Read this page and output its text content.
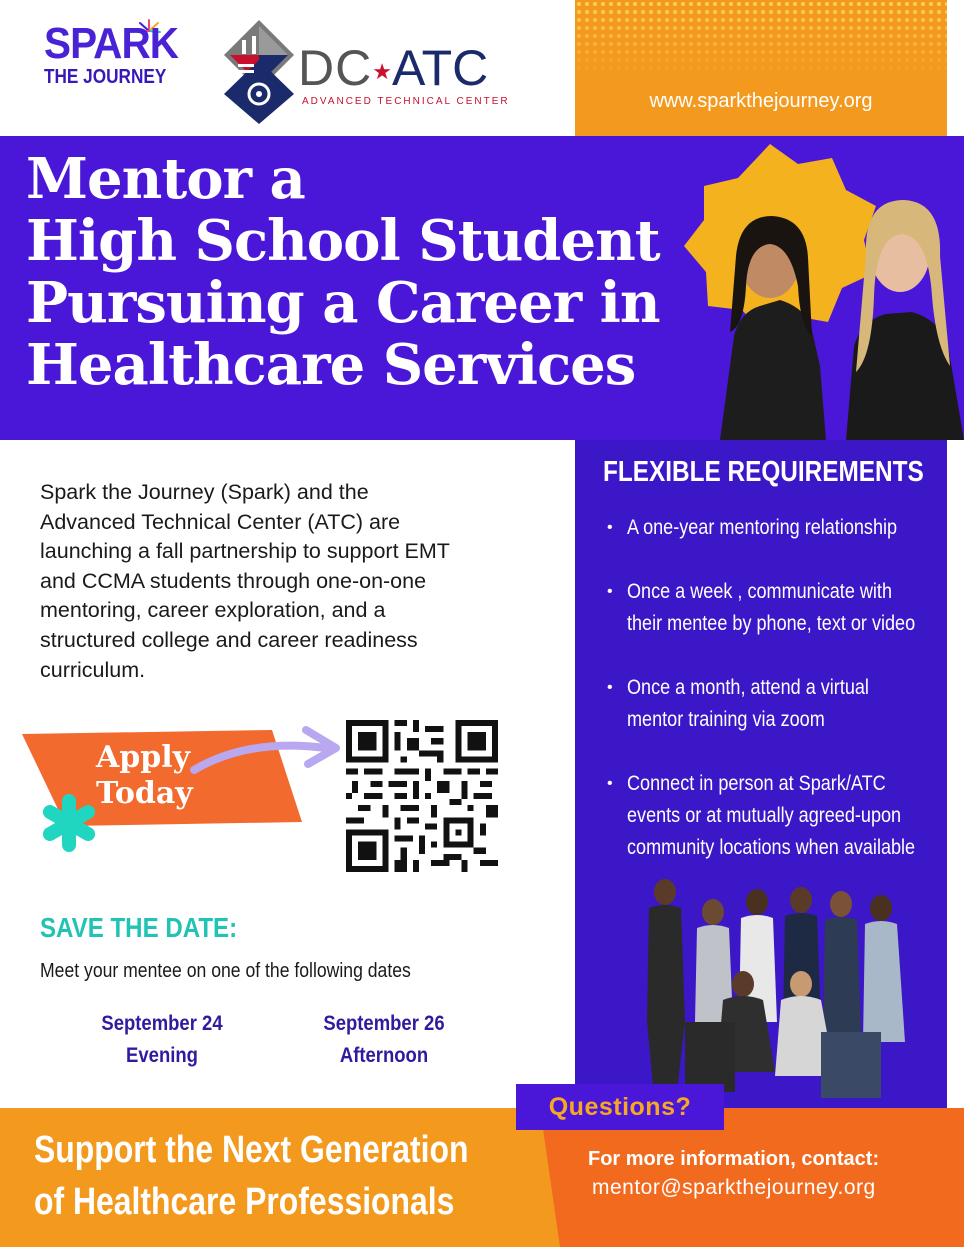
SPARK
THE JOURNEY	DC★ATC
ADVANCED TECHNICAL CENTER	www.sparkthejourney.org
Mentor a
High School Student
Pursuing a Career in
Healthcare Services

Spark the Journey (Spark) and the Advanced Technical Center (ATC) are launching a fall partnership to support EMT and CCMA students through one-on-one mentoring, career exploration, and a structured college and career readiness curriculum.

Apply
Today
SAVE THE DATE:
Meet your mentee on one of the following dates
September 24
Evening
September 26
Afternoon
FLEXIBLE REQUIREMENTS
• A one-year mentoring relationship
• Once a week , communicate with
their mentee by phone, text or video
• Once a month, attend a virtual
mentor training via zoom
• Connect in person at Spark/ATC
events or at mutually agreed-upon
community locations when available
Support the Next Generation
of Healthcare Professionals
For more information, contact:
mentor@sparkthejourney.org
Questions?
